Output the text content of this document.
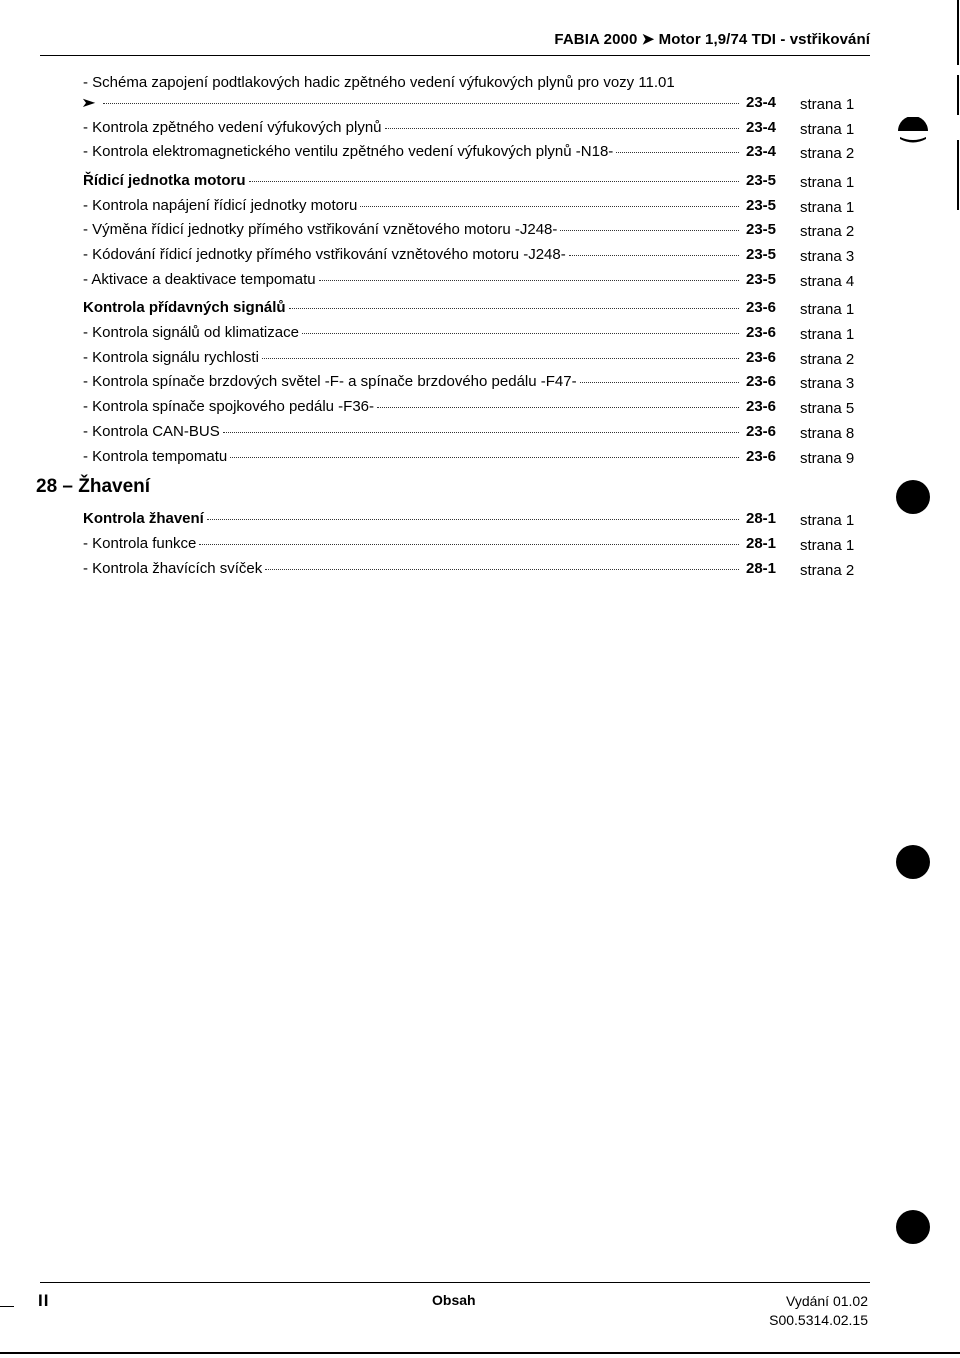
FABIA 2000 ➤ Motor 1,9/74 TDI - vstřikování
- Schéma zapojení podtlakových hadic zpětného vedení výfukových plynů pro vozy 11.01
➤	23-4 strana 1
- Kontrola zpětného vedení výfukových plynů	23-4 strana 1
- Kontrola elektromagnetického ventilu zpětného vedení výfukových plynů -N18-	23-4 strana 2
Řídicí jednotka motoru	23-5 strana 1
- Kontrola napájení řídicí jednotky motoru	23-5 strana 1
- Výměna řídicí jednotky přímého vstřikování vznětového motoru -J248-	23-5 strana 2
- Kódování řídicí jednotky přímého vstřikování vznětového motoru -J248-	23-5 strana 3
- Aktivace a deaktivace tempomatu	23-5 strana 4
Kontrola přídavných signálů	23-6 strana 1
- Kontrola signálů od klimatizace	23-6 strana 1
- Kontrola signálu rychlosti	23-6 strana 2
- Kontrola spínače brzdových světel -F- a spínače brzdového pedálu -F47-	23-6 strana 3
- Kontrola spínače spojkového pedálu -F36-	23-6 strana 5
- Kontrola CAN-BUS	23-6 strana 8
- Kontrola tempomatu	23-6 strana 9
Kontrola žhavení	28-1 strana 1
- Kontrola funkce	28-1 strana 1
- Kontrola žhavících svíček	28-1 strana 2
28 – Žhavení
II	Obsah	Vydání 01.02
S00.5314.02.15
